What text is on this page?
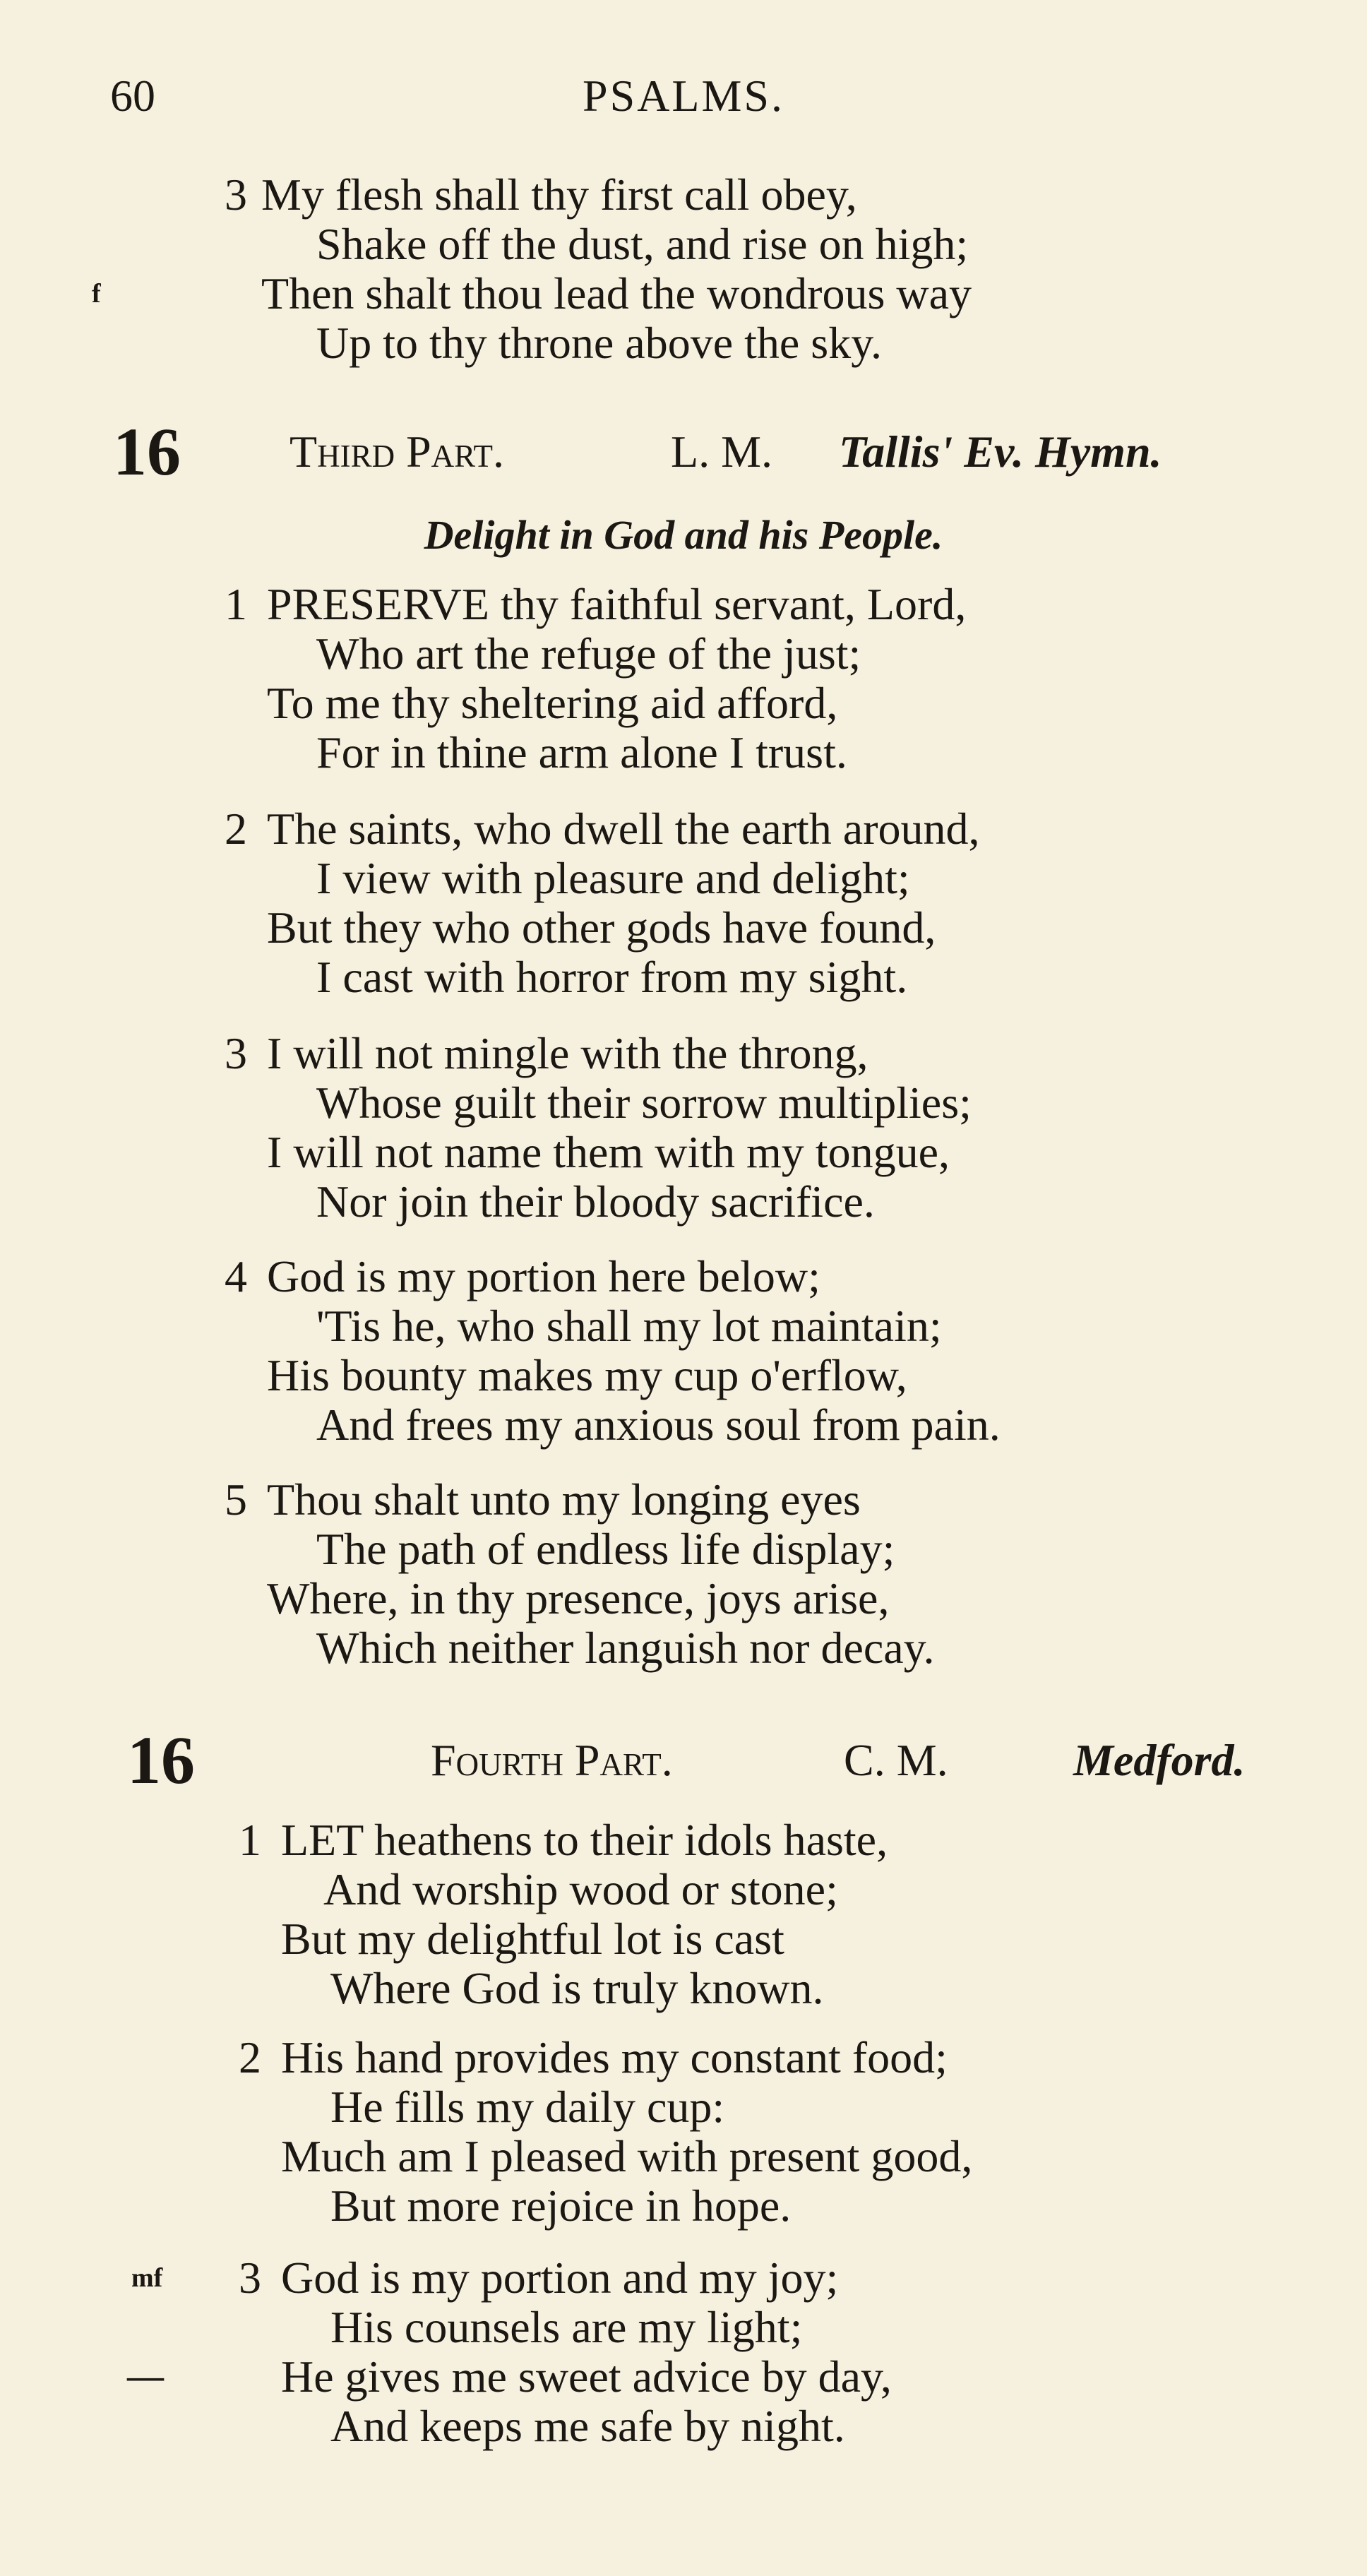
60	PSALMS.
3 My flesh shall thy first call obey,
Shake off the dust, and rise on high;
f	Then shalt thou lead the wondrous way
Up to thy throne above the sky.
16 Third Part.	L. M. Tallis' Ev. Hymn.
Delight in God and his People.
1 PRESERVE thy faithful servant, Lord,
Who art the refuge of the just;
To me thy sheltering aid afford,
For in thine arm alone I trust.
2 The saints, who dwell the earth around,
I view with pleasure and delight;
But they who other gods have found,
I cast with horror from my sight.
3 I will not mingle with the throng,
Whose guilt their sorrow multiplies;
I will not name them with my tongue,
Nor join their bloody sacrifice.
4 God is my portion here below;
'Tis he, who shall my lot maintain;
His bounty makes my cup o'erflow,
And frees my anxious soul from pain.
5 Thou shalt unto my longing eyes
The path of endless life display;
Where, in thy presence, joys arise,
Which neither languish nor decay.
16	Fourth Part.	C. M.	Medford.
1 LET heathens to their idols haste,
And worship wood or stone;
But my delightful lot is cast
Where God is truly known.
2 His hand provides my constant food;
He fills my daily cup:
Much am I pleased with present good,
But more rejoice in hope.
mf	3 God is my portion and my joy;
His counsels are my light;
—	He gives me sweet advice by day,
And keeps me safe by night.
